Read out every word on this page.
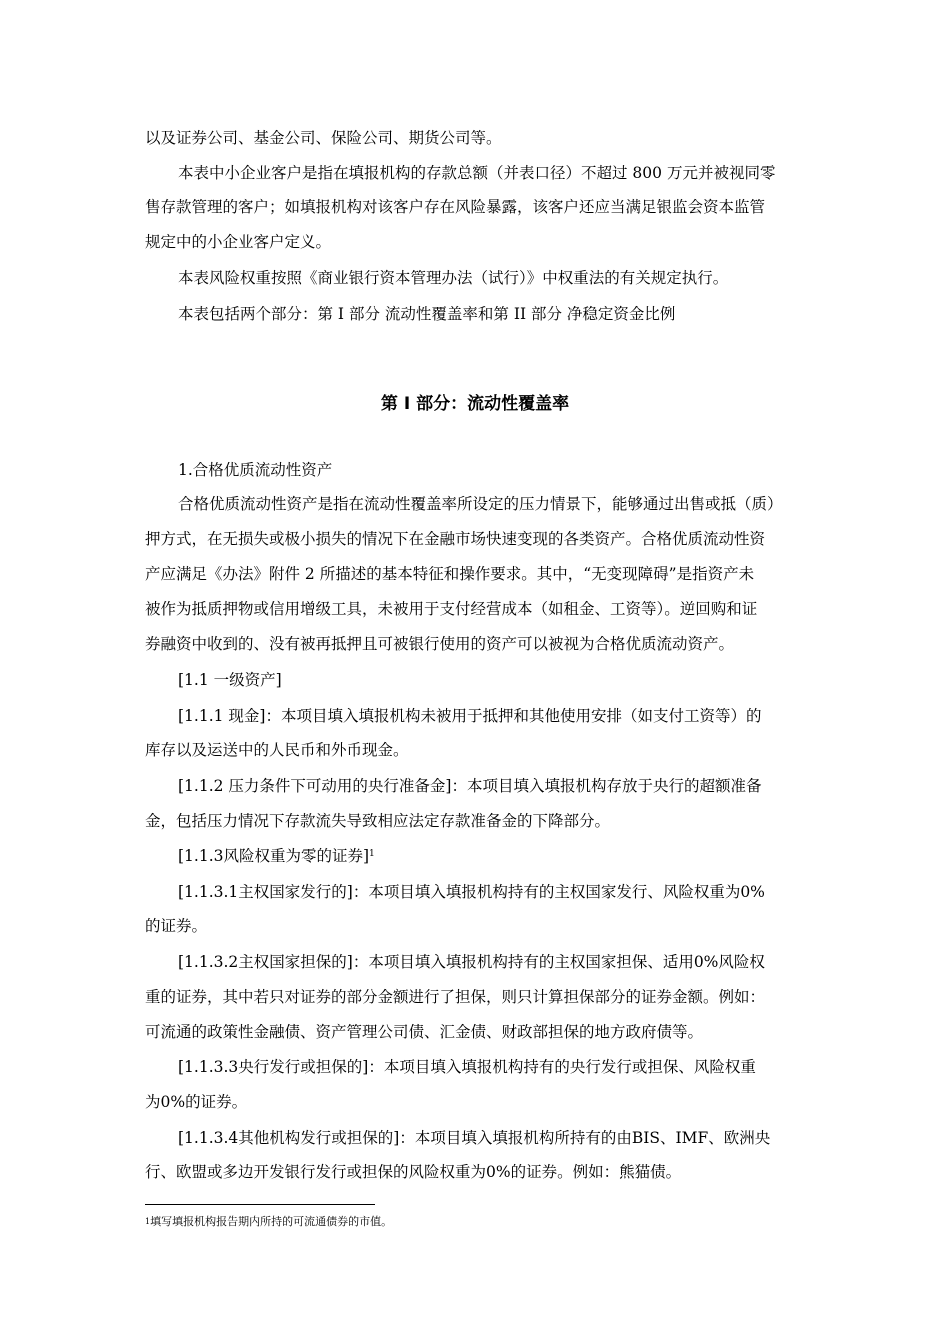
以及证券公司、基金公司、保险公司、期货公司等。
本表中小企业客户是指在填报机构的存款总额（并表口径）不超过 800 万元并被视同零
售存款管理的客户；如填报机构对该客户存在风险暴露，该客户还应当满足银监会资本监管
规定中的小企业客户定义。
本表风险权重按照《商业银行资本管理办法（试行）》中权重法的有关规定执行。
本表包括两个部分：第 I 部分 流动性覆盖率和第 II 部分 净稳定资金比例
第 Ⅰ 部分：流动性覆盖率
1.合格优质流动性资产
合格优质流动性资产是指在流动性覆盖率所设定的压力情景下，能够通过出售或抵（质）
押方式，在无损失或极小损失的情况下在金融市场快速变现的各类资产。合格优质流动性资
产应满足《办法》附件 2 所描述的基本特征和操作要求。其中，“无变现障碍”是指资产未
被作为抵质押物或信用增级工具，未被用于支付经营成本（如租金、工资等）。逆回购和证
券融资中收到的、没有被再抵押且可被银行使用的资产可以被视为合格优质流动资产。
[1.1 一级资产]
[1.1.1 现金]：本项目填入填报机构未被用于抵押和其他使用安排（如支付工资等）的
库存以及运送中的人民币和外币现金。
[1.1.2 压力条件下可动用的央行准备金]：本项目填入填报机构存放于央行的超额准备
金，包括压力情况下存款流失导致相应法定存款准备金的下降部分。
[1.1.3风险权重为零的证券]$^1$
[1.1.3.1主权国家发行的]：本项目填入填报机构持有的主权国家发行、风险权重为0%
的证券。
[1.1.3.2主权国家担保的]：本项目填入填报机构持有的主权国家担保、适用0%风险权
重的证券，其中若只对证券的部分金额进行了担保，则只计算担保部分的证券金额。例如：
可流通的政策性金融债、资产管理公司债、汇金债、财政部担保的地方政府债等。
[1.1.3.3央行发行或担保的]：本项目填入填报机构持有的央行发行或担保、风险权重
为0%的证券。
[1.1.3.4其他机构发行或担保的]：本项目填入填报机构所持有的由BIS、IMF、欧洲央
行、欧盟或多边开发银行发行或担保的风险权重为0%的证券。例如：熊猫债。
$^1$填写填报机构报告期内所持的可流通债券的市值。
